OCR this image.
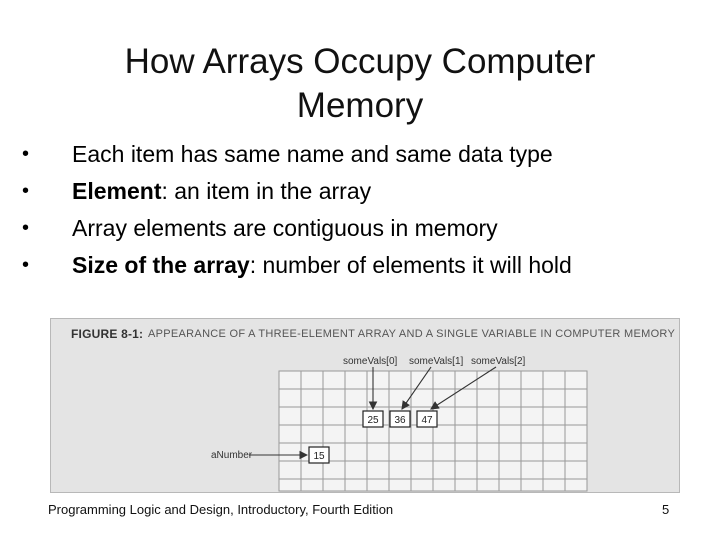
How Arrays Occupy Computer
Memory
• Each item has same name and same data type
• Element: an item in the array
• Array elements are contiguous in memory
• Size of the array: number of elements it will hold
FIGURE 8-1: APPEARANCE OF A THREE-ELEMENT ARRAY AND A SINGLE VARIABLE IN COMPUTER MEMORY
25 36 47
15
someVals[0] someVals[1] someVals[2]
aNumber
Programming Logic and Design, Introductory, Fourth Edition	5
